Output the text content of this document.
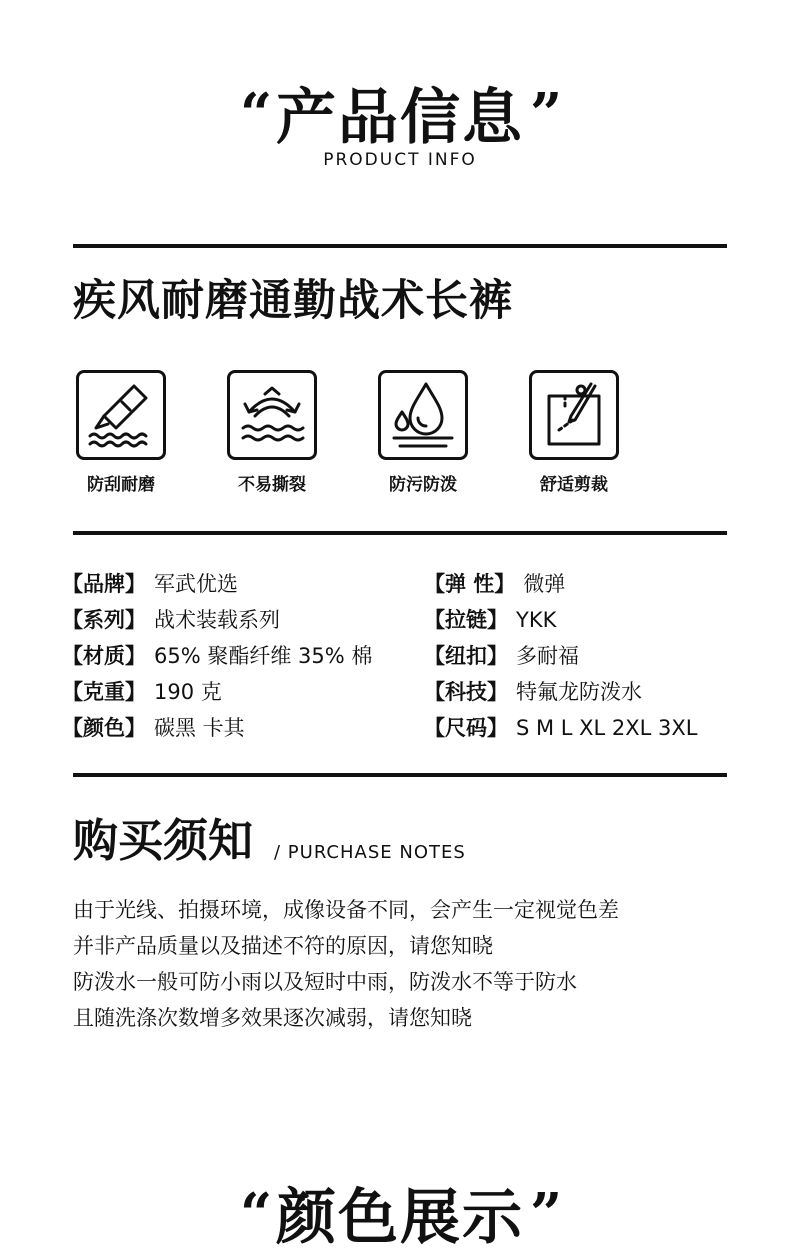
“ 产品信息 ”
PRODUCT INFO
疾风耐磨通勤战术长裤
防刮耐磨	不易撕裂	防污防泼	舒适剪裁
【品牌】 军武优选
【系列】 战术装载系列
【材质】 65% 聚酯纤维 35% 棉
【克重】 190 克
【颜色】 碳黑 卡其
【弹 性】 微弹
【拉链】 YKK
【纽扣】 多耐福
【科技】 特氟龙防泼水
【尺码】 S M L XL 2XL 3XL
购买须知 / PURCHASE NOTES
由于光线、拍摄环境，成像设备不同，会产生一定视觉色差
并非产品质量以及描述不符的原因，请您知晓
防泼水一般可防小雨以及短时中雨，防泼水不等于防水
且随洗涤次数增多效果逐次减弱，请您知晓
“ 颜色展示 ”
